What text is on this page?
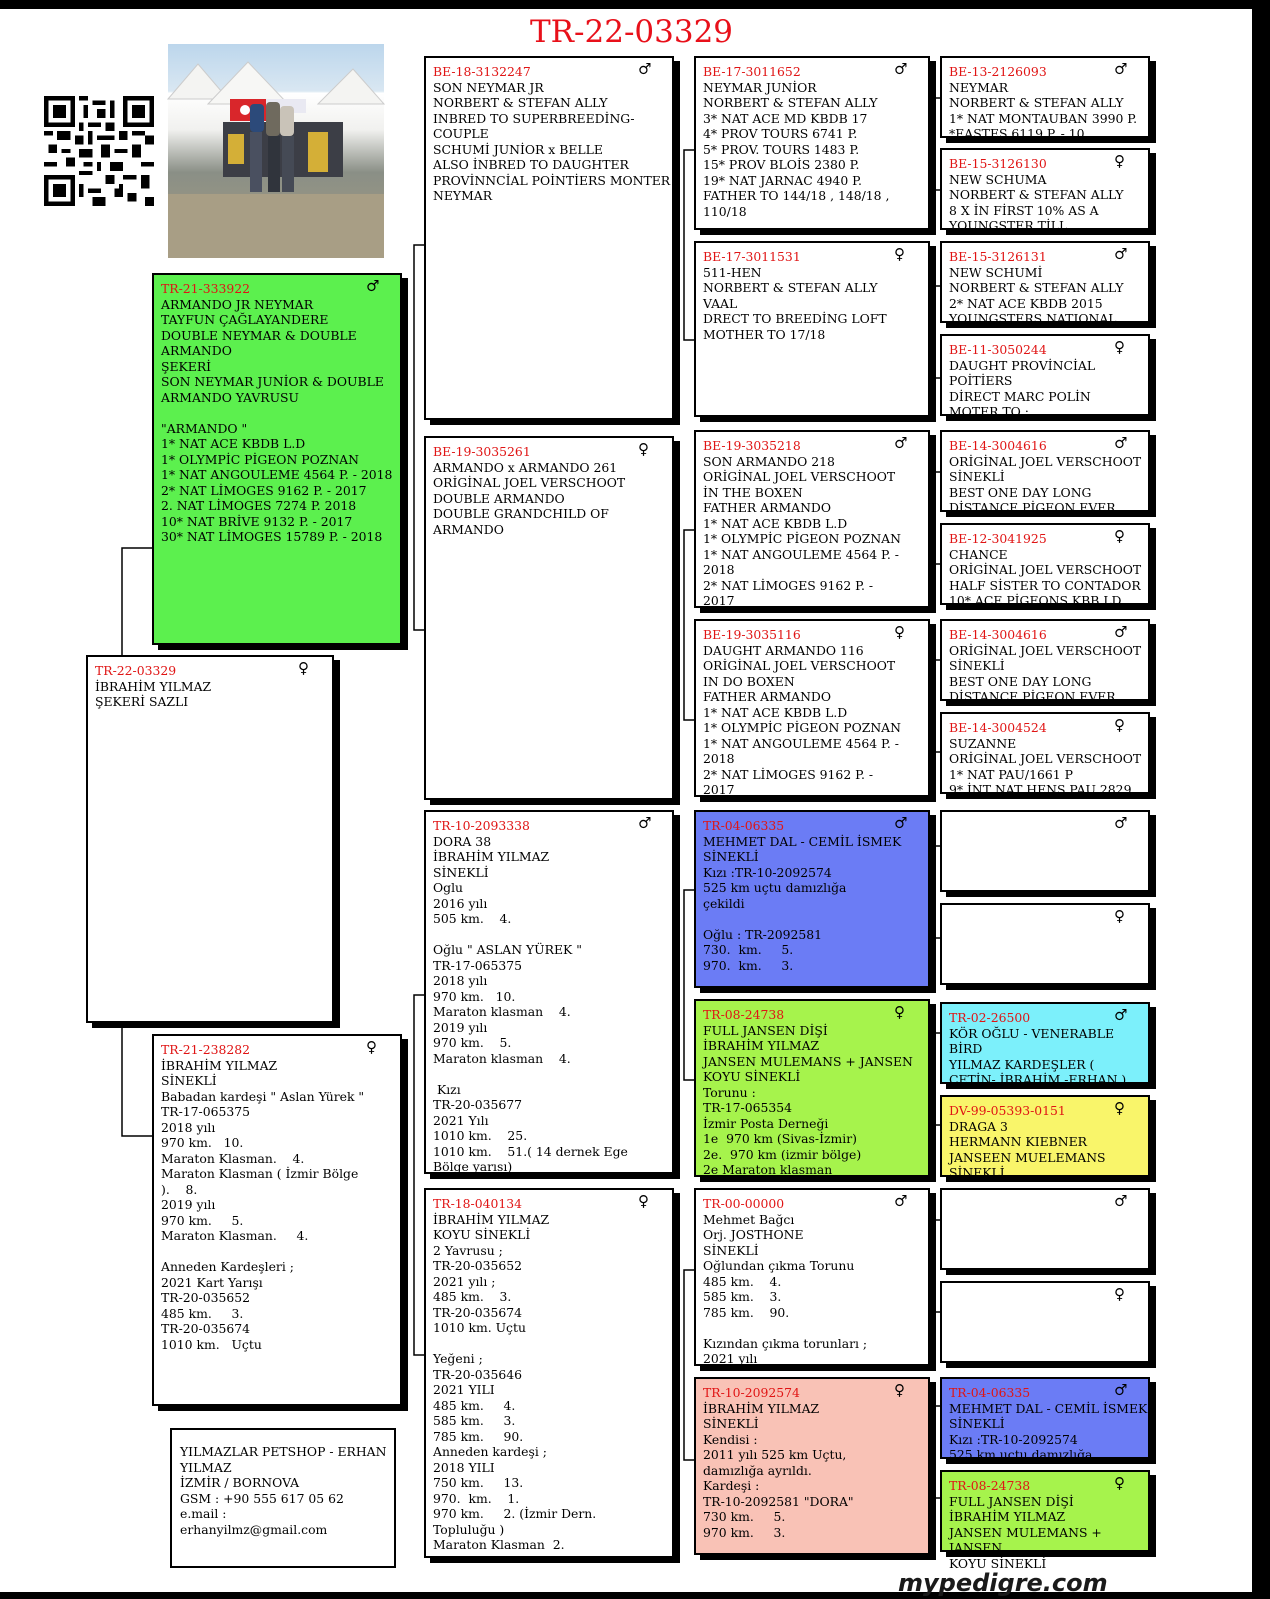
TR-22-03329
TR-22-03329	♀
İBRAHİM YILMAZ
ŞEKERİ SAZLI
TR-21-333922	♂
ARMANDO JR NEYMAR
TAYFUN ÇAĞLAYANDERE
DOUBLE NEYMAR & DOUBLE ARMANDO
ŞEKERİ
SON NEYMAR JUNİOR & DOUBLE
ARMANDO YAVRUSU

"ARMANDO "
1* NAT ACE KBDB L.D
1* OLYMPİC PİGEON POZNAN
1* NAT ANGOULEME 4564 P. - 2018
2* NAT LİMOGES 9162 P. - 2017
2. NAT LİMOGES 7274 P. 2018
10* NAT BRİVE 9132 P. - 2017
30* NAT LİMOGES 15789 P. - 2018
TR-21-238282	♀
İBRAHİM YILMAZ
SİNEKLİ
Babadan kardeşi " Aslan Yürek "
TR-17-065375
2018 yılı
970 km.   10.
Maraton Klasman.    4.
Maraton Klasman ( İzmir Bölge
).    8.
2019 yılı
970 km.     5.
Maraton Klasman.     4.

Anneden Kardeşleri ;
2021 Kart Yarışı
TR-20-035652
485 km.     3.
TR-20-035674
1010 km.   Uçtu
BE-18-3132247	♂
SON NEYMAR JR
NORBERT & STEFAN ALLY
INBRED TO SUPERBREEDİNG-COUPLE
SCHUMİ JUNİOR x BELLE
ALSO İNBRED TO DAUGHTER
PROVİNNCİAL POİNTİERS MONTER
NEYMAR
BE-19-3035261	♀
ARMANDO x ARMANDO 261
ORİGİNAL JOEL VERSCHOOT
DOUBLE ARMANDO
DOUBLE GRANDCHILD OF ARMANDO
TR-10-2093338	♂
DORA 38
İBRAHİM YILMAZ
SİNEKLİ
Oglu
2016 yılı
505 km.    4.

Oğlu " ASLAN YÜREK "
TR-17-065375
2018 yılı
970 km.   10.
Maraton klasman    4.
2019 yılı
970 km.    5.
Maraton klasman    4.

Kızı
TR-20-035677
2021 Yılı
1010 km.    25.
1010 km.    51.( 14 dernek Ege
Bölge yarısı)
TR-18-040134	♀
İBRAHİM YILMAZ
KOYU SİNEKLİ
2 Yavrusu ;
TR-20-035652
2021 yılı ;
485 km.    3.
TR-20-035674
1010 km. Uçtu

Yeğeni ;
TR-20-035646
2021 YILI
485 km.     4.
585 km.     3.
785 km.     90.
Anneden kardeşi ;
2018 YILI
750 km.     13.
970.  km.    1.
970 km.     2. (İzmir Dern.
Topluluğu )
Maraton Klasman  2.
BE-17-3011652	♂
NEYMAR JUNİOR
NORBERT & STEFAN ALLY
3* NAT ACE MD KBDB 17
4* PROV TOURS 6741 P.
5* PROV. TOURS 1483 P.
15* PROV BLOİS 2380 P.
19* NAT JARNAC 4940 P.
FATHER TO 144/18 , 148/18 ,
110/18
BE-17-3011531	♀
511-HEN
NORBERT & STEFAN ALLY
VAAL
DRECT TO BREEDİNG LOFT
MOTHER TO 17/18
BE-19-3035218	♂
SON ARMANDO 218
ORİGİNAL JOEL VERSCHOOT
İN THE BOXEN
FATHER ARMANDO
1* NAT ACE KBDB L.D
1* OLYMPİC PİGEON POZNAN
1* NAT ANGOULEME 4564 P. -
2018
2* NAT LİMOGES 9162 P. -
2017
BE-19-3035116	♀
DAUGHT ARMANDO 116
ORİGİNAL JOEL VERSCHOOT
IN DO BOXEN
FATHER ARMANDO
1* NAT ACE KBDB L.D
1* OLYMPİC PİGEON POZNAN
1* NAT ANGOULEME 4564 P. -
2018
2* NAT LİMOGES 9162 P. -
2017
TR-04-06335	♂
MEHMET DAL - CEMİL İSMEK
SİNEKLİ
Kızı :TR-10-2092574
525 km uçtu damızlığa
çekildi

Oğlu : TR-2092581
730.  km.     5.
970.  km.     3.
TR-08-24738	♀
FULL JANSEN DİŞİ
İBRAHİM YILMAZ
JANSEN MULEMANS + JANSEN
KOYU SİNEKLİ
Torunu :
TR-17-065354
İzmir Posta Derneği
1e  970 km (Sivas-İzmir)
2e.  970 km (izmir bölge)
2e Maraton klasman
TR-00-00000	♂
Mehmet Bağcı
Orj. JOSTHONE
SİNEKLİ
Oğlundan çıkma Torunu
485 km.    4.
585 km.    3.
785 km.    90.

Kızından çıkma torunları ;
2021 yılı
TR-10-2092574	♀
İBRAHİM YILMAZ
SİNEKLİ
Kendisi :
2011 yılı 525 km Uçtu,
damızlığa ayrıldı.
Kardeşi :
TR-10-2092581 "DORA"
730 km.     5.
970 km.     3.
BE-13-2126093	♂
NEYMAR
NORBERT & STEFAN ALLY
1* NAT MONTAUBAN 3990 P.
*EASTES 6119 P. - 10
BE-15-3126130	♀
NEW SCHUMA
NORBERT & STEFAN ALLY
8 X İN FİRST 10% AS A
YOUNGSTER TİLL
BE-15-3126131	♂
NEW SCHUMİ
NORBERT & STEFAN ALLY
2* NAT ACE KBDB 2015
YOUNGSTERS NATIONAL
BE-11-3050244	♀
DAUGHT PROVİNCİAL
POİTİERS
DİRECT MARC POLİN
MOTER TO :
BE-14-3004616	♂
ORİGİNAL JOEL VERSCHOOT
SİNEKLİ
BEST ONE DAY LONG
DİSTANCE PİGEON EVER
BE-12-3041925	♀
CHANCE
ORİGİNAL JOEL VERSCHOOT
HALF SİSTER TO CONTADOR
10* ACE PİGEONS KBB LD
BE-14-3004616	♂
ORİGİNAL JOEL VERSCHOOT
SİNEKLİ
BEST ONE DAY LONG
DİSTANCE PİGEON EVER
BE-14-3004524	♀
SUZANNE
ORİGİNAL JOEL VERSCHOOT
1* NAT PAU/1661 P
9* İNT NAT HENS PAU 2829

♂

♀
TR-02-26500	♂
KÖR OĞLU - VENERABLE
BİRD
YILMAZ KARDEŞLER (
ÇETİN- İBRAHİM -ERHAN )
DV-99-05393-0151	♀
DRAGA 3
HERMANN KIEBNER
JANSEEN MUELEMANS
SİNEKLİ

♂

♀
TR-04-06335	♂
MEHMET DAL - CEMİL İSMEK
SİNEKLİ
Kızı :TR-10-2092574
525 km uçtu damızlığa
TR-08-24738	♀
FULL JANSEN DİŞİ
İBRAHİM YILMAZ
JANSEN MULEMANS + JANSEN
KOYU SİNEKLİ
YILMAZLAR PETSHOP - ERHAN
YILMAZ
İZMİR / BORNOVA
GSM : +90 555 617 05 62
e.mail :
erhanyilmz@gmail.com
mypedigre.com
